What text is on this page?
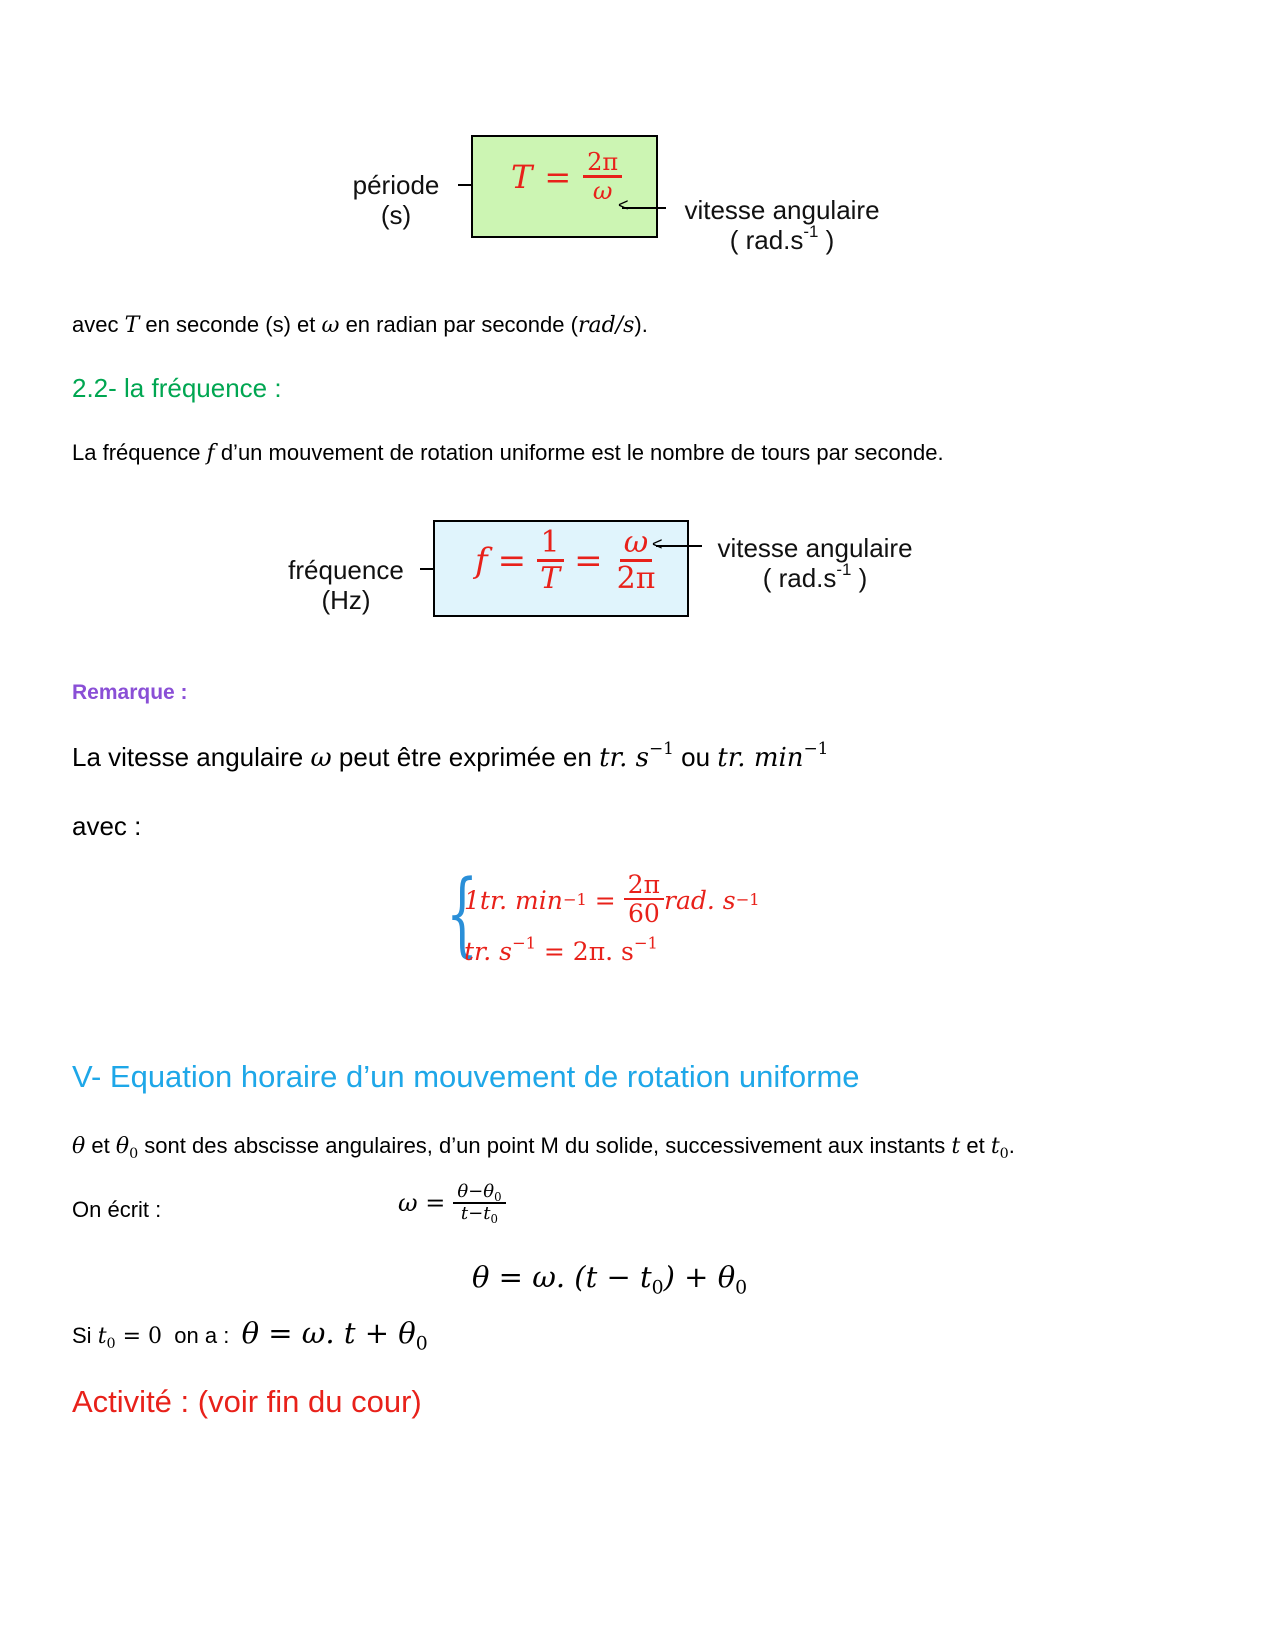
période
(s)
$T = \frac{2\pi}{\omega}$
<	vitesse angulaire
( $rad.s^{-1}$ )
avec T en seconde (s) et ω en radian par seconde (rad/s).
2.2- la fréquence :
La fréquence f d’un mouvement de rotation uniforme est le nombre de tours par seconde.
fréquence
(Hz)
$f = \frac{1}{T} = \frac{\omega}{2\pi}$
<	vitesse angulaire
( $rad.s^{-1}$ )
Remarque :
La vitesse angulaire ω peut être exprimée en tr. $s^{-1}$ ou tr. $\min^{-1}$
avec :
{
1tr. $\min -1 = \frac{2\pi}{60}$ rad. s −1
tr. $s^{-1} = 2\pi$. $s^{-1}$
V- Equation horaire d’un mouvement de rotation uniforme
θ et $\theta_0$ sont des abscisse angulaires, d’un point M du solide, successivement aux instants t et $t_0$.
On écrit :	$\omega = \frac{\theta-\theta_0}{t-t_0}$
θ = ω. $(t - t_0) + \theta_0$
Si $t_0 = 0$ on a : θ = ω. $t + \theta_0$
Activité : (voir fin du cour)
